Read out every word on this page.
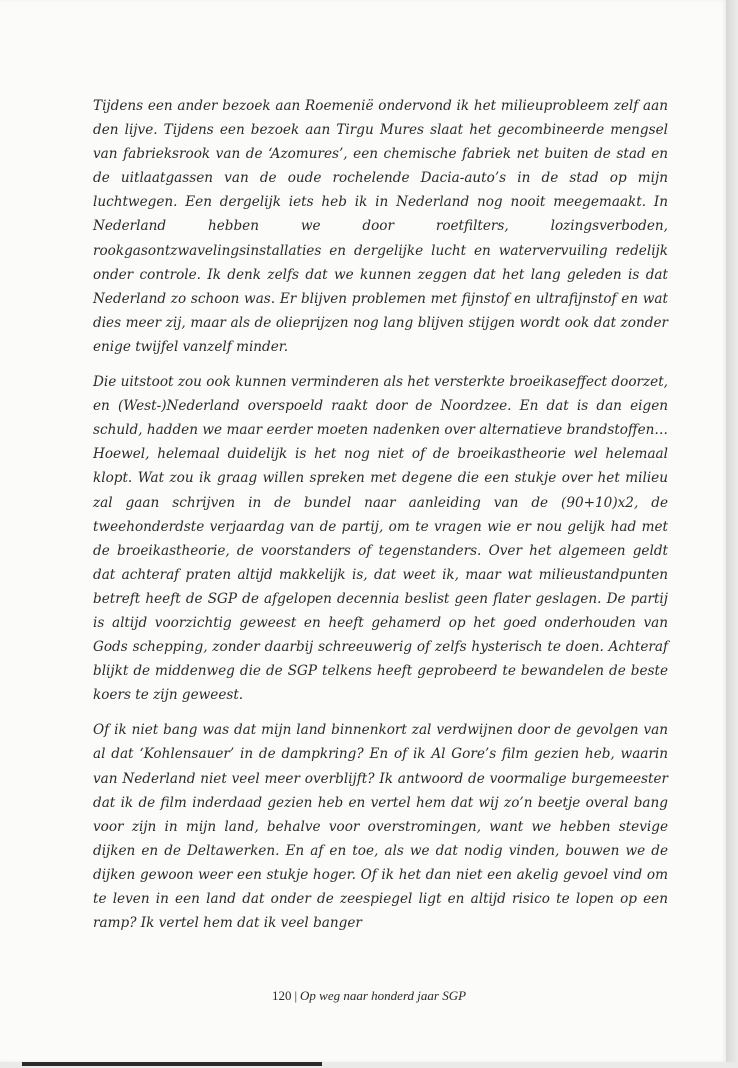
Tijdens een ander bezoek aan Roemenië ondervond ik het milieuprobleem zelf aan den lijve. Tijdens een bezoek aan Tirgu Mures slaat het gecombineerde mengsel van fabrieksrook van de ‘Azomures’, een chemische fabriek net buiten de stad en de uitlaatgassen van de oude rochelende Dacia-auto’s in de stad op mijn luchtwegen. Een dergelijk iets heb ik in Nederland nog nooit meegemaakt. In Nederland hebben we door roetfilters, lozingsverboden, rookgasontzwavelingsinstallaties en dergelijke lucht en watervervuiling redelijk onder controle. Ik denk zelfs dat we kunnen zeggen dat het lang geleden is dat Nederland zo schoon was. Er blijven problemen met fijnstof en ultrafijnstof en wat dies meer zij, maar als de olieprijzen nog lang blijven stijgen wordt ook dat zonder enige twijfel vanzelf minder.

Die uitstoot zou ook kunnen verminderen als het versterkte broeikaseffect doorzet, en (West-)Nederland overspoeld raakt door de Noordzee. En dat is dan eigen schuld, hadden we maar eerder moeten nadenken over alternatieve brandstoffen… Hoewel, helemaal duidelijk is het nog niet of de broeikastheorie wel helemaal klopt. Wat zou ik graag willen spreken met degene die een stukje over het milieu zal gaan schrijven in de bundel naar aanleiding van de (90+10)x2, de tweehonderdste verjaardag van de partij, om te vragen wie er nou gelijk had met de broeikastheorie, de voorstanders of tegenstanders. Over het algemeen geldt dat achteraf praten altijd makkelijk is, dat weet ik, maar wat milieustandpunten betreft heeft de SGP de afgelopen decennia beslist geen flater geslagen. De partij is altijd voorzichtig geweest en heeft gehamerd op het goed onderhouden van Gods schepping, zonder daarbij schreeuwerig of zelfs hysterisch te doen. Achteraf blijkt de middenweg die de SGP telkens heeft geprobeerd te bewandelen de beste koers te zijn geweest.

Of ik niet bang was dat mijn land binnenkort zal verdwijnen door de gevolgen van al dat ‘Kohlensauer’ in de dampkring? En of ik Al Gore’s film gezien heb, waarin van Nederland niet veel meer overblijft? Ik antwoord de voormalige burgemeester dat ik de film inderdaad gezien heb en vertel hem dat wij zo’n beetje overal bang voor zijn in mijn land, behalve voor overstromingen, want we hebben stevige dijken en de Deltawerken. En af en toe, als we dat nodig vinden, bouwen we de dijken gewoon weer een stukje hoger. Of ik het dan niet een akelig gevoel vind om te leven in een land dat onder de zeespiegel ligt en altijd risico te lopen op een ramp? Ik vertel hem dat ik veel banger

120 | Op weg naar honderd jaar SGP
